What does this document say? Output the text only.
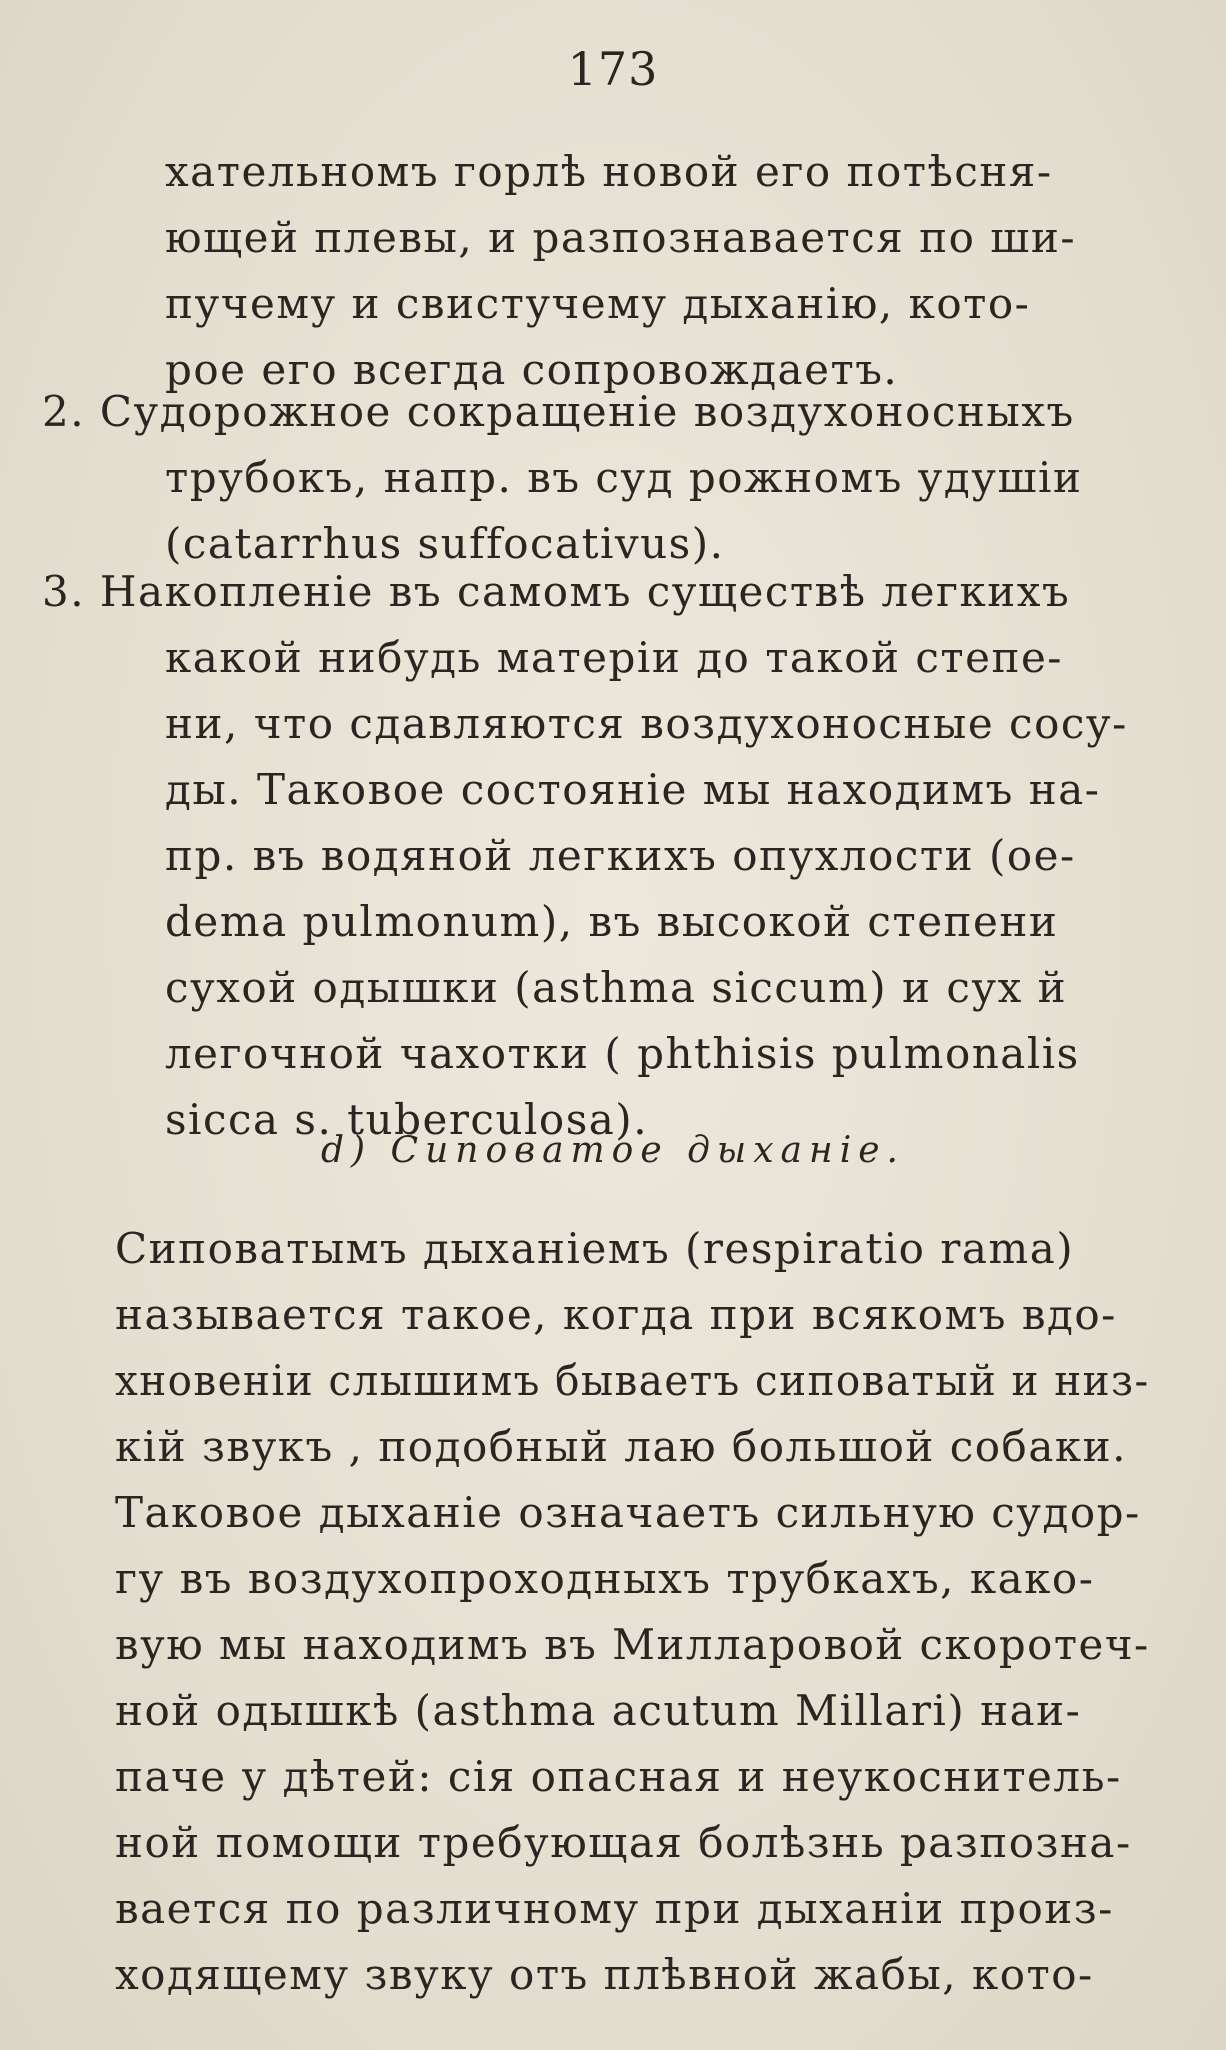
173
хательномъ горлѣ новой его потѣсня-
ющей плевы, и разпознавается по ши-
пучему и свистучему дыханiю, кото-
рое его всегда сопровождаетъ.
2. Судорожное сокращенiе воздухоносныхъ
трубокъ, напр. въ суд рожномъ удушiи
(catarrhus suffocativus).
3. Накопленiе въ самомъ существѣ легкихъ
какой нибудь матерiи до такой степе-
ни, что сдавляются воздухоносные сосу-
ды. Таковое состоянiе мы находимъ на-
пр. въ водяной легкихъ опухлости (oe-
dema pulmonum), въ высокой степени
сухой одышки (asthma siccum) и сух й
легочной чахотки ( phthisis pulmonalis
sicca s. tuberculosa).
d) Сиповатое дыханiе.
Сиповатымъ дыханiемъ (respiratio rama)
называется такое, когда при всякомъ вдо-
хновенiи слышимъ бываетъ сиповатый и низ-
кiй звукъ , подобный лаю большой собаки.
Таковое дыханiе означаетъ сильную судор-
гу въ воздухопроходныхъ трубкахъ, како-
вую мы находимъ въ Милларовой скоротеч-
ной одышкѣ (asthma acutum Millari) наи-
паче у дѣтей: сiя опасная и неукоснитель-
ной помощи требующая болѣзнь разпозна-
вается по различному при дыханiи произ-
ходящему звуку отъ плѣвной жабы, кото-
